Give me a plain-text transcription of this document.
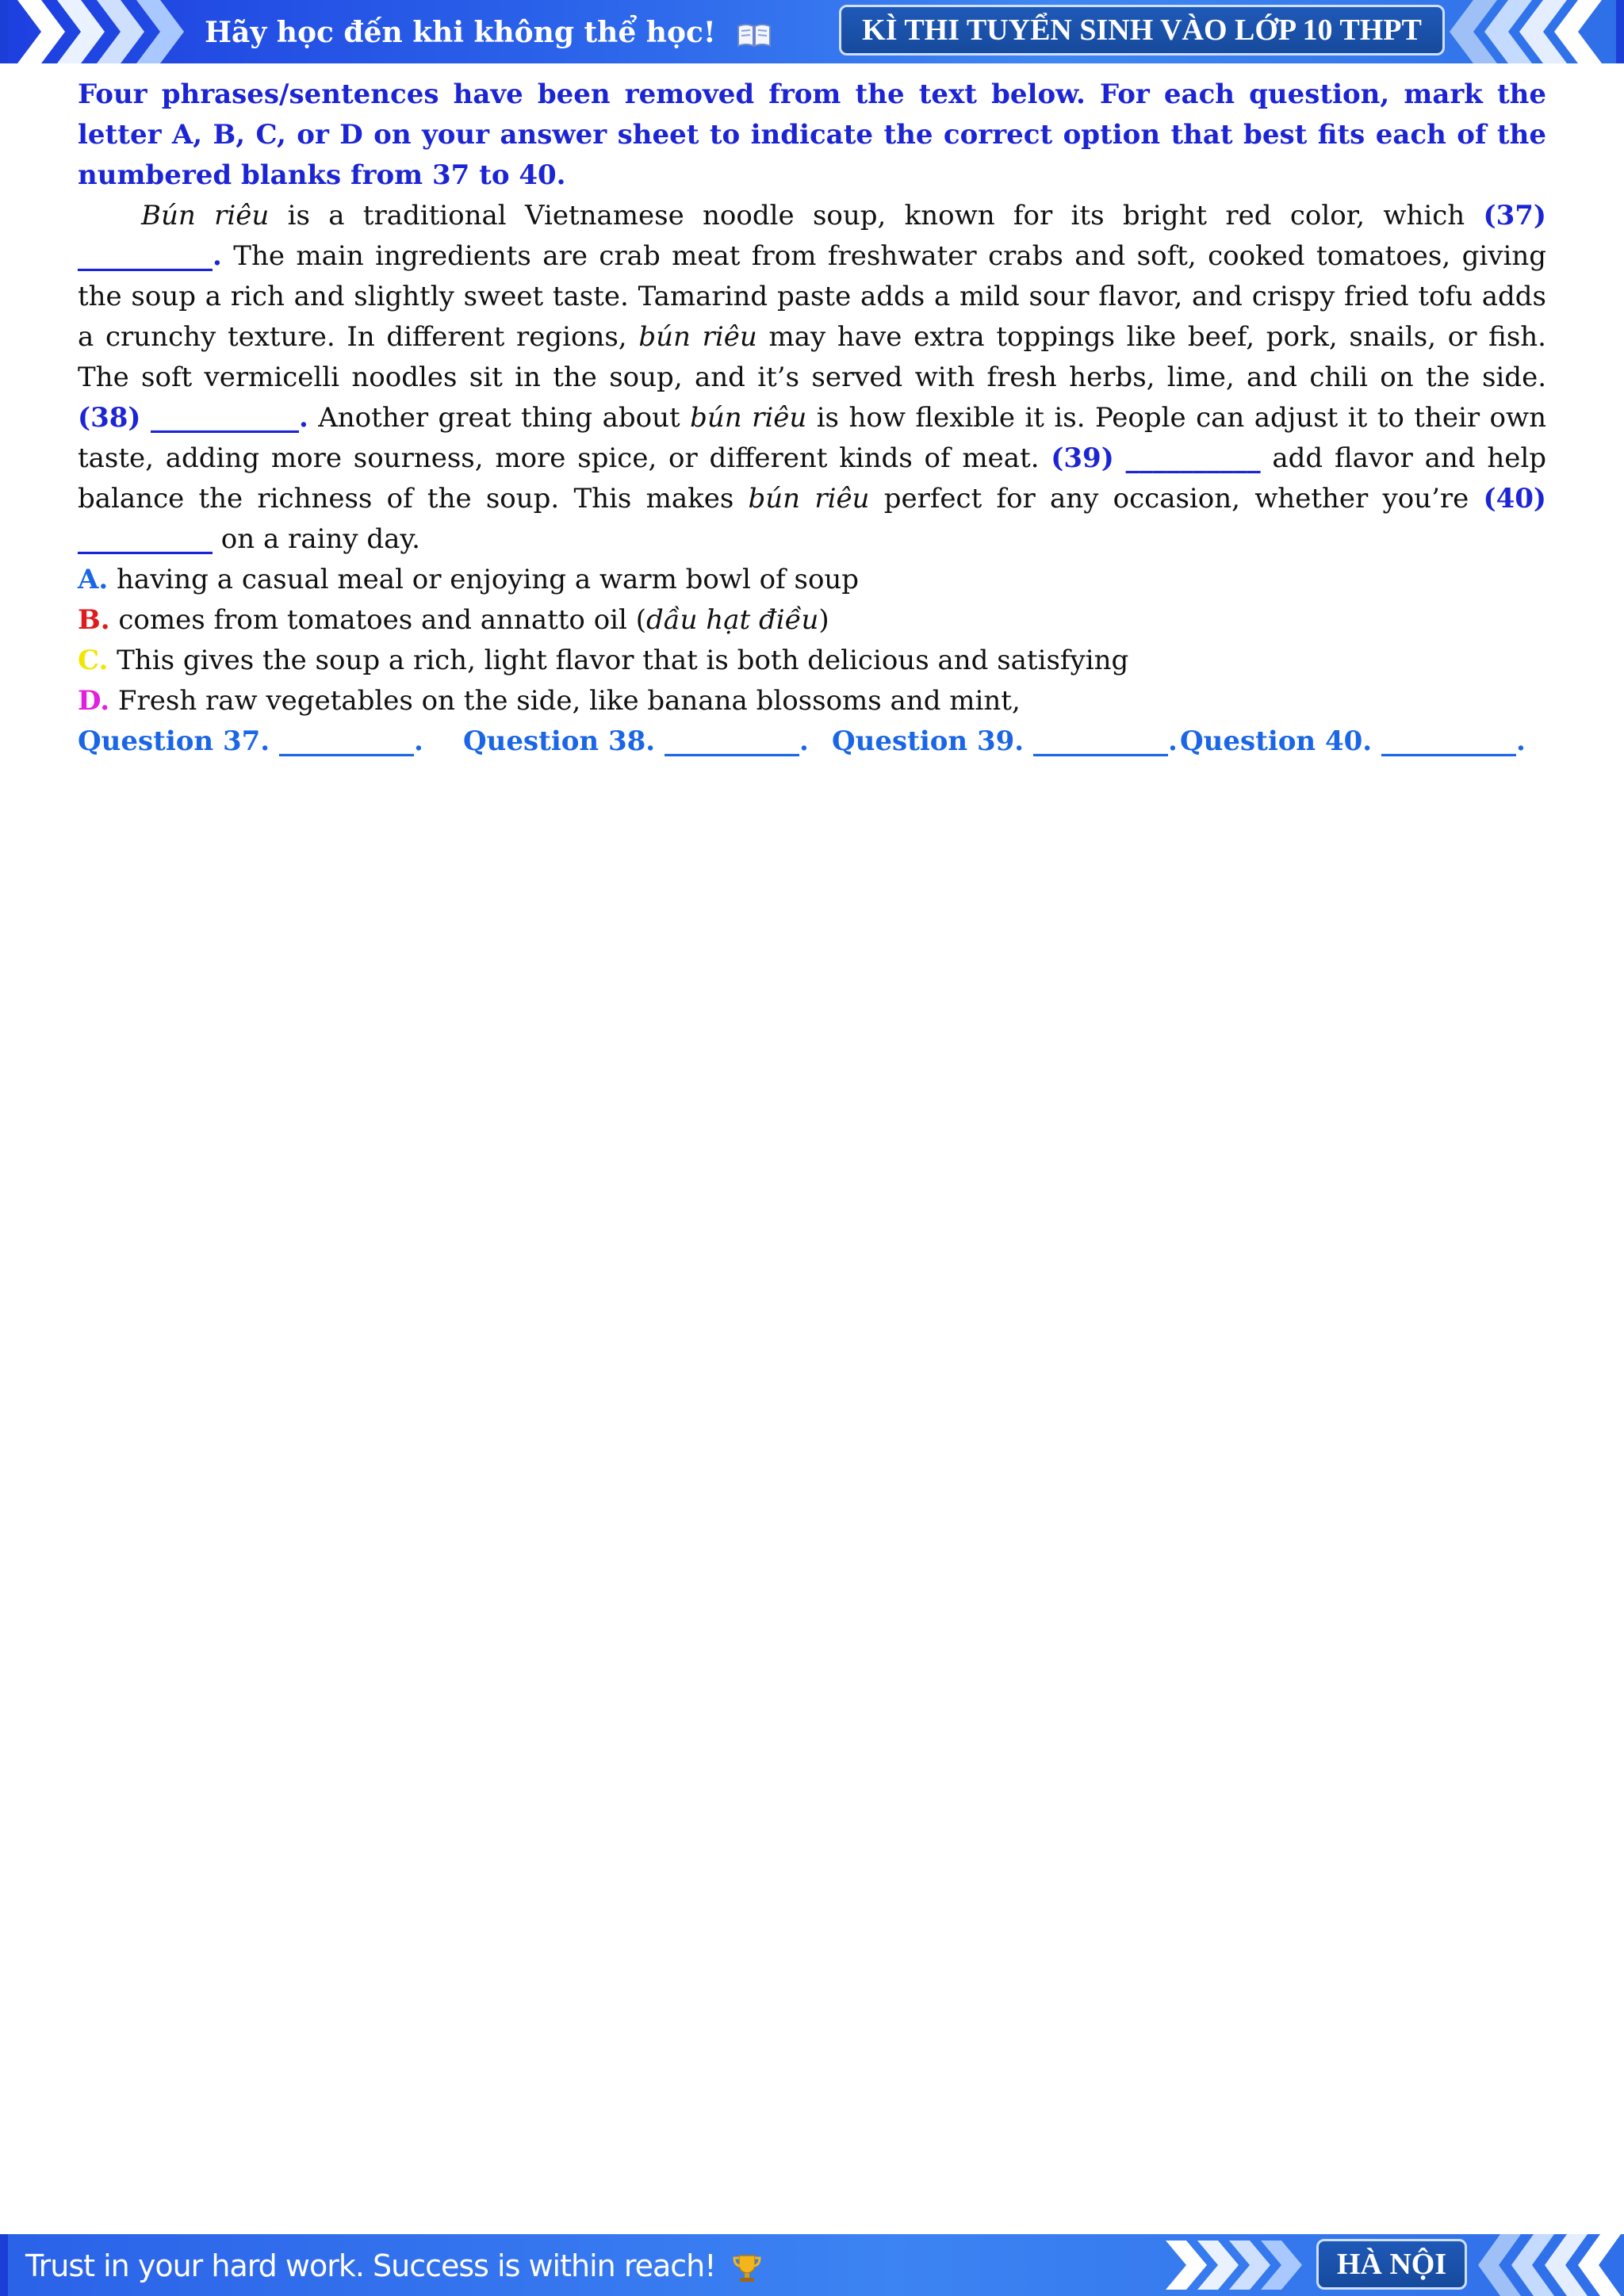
Hãy học đến khi không thể học!	KÌ THI TUYỂN SINH VÀO LỚP 10 THPT
Four phrases/sentences have been removed from the text below. For each question, mark the letter A, B, C, or D on your answer sheet to indicate the correct option that best fits each of the numbered blanks from 37 to 40.

Bún riêu is a traditional Vietnamese noodle soup, known for its bright red color, which (37) __________. The main ingredients are crab meat from freshwater crabs and soft, cooked tomatoes, giving the soup a rich and slightly sweet taste. Tamarind paste adds a mild sour flavor, and crispy fried tofu adds a crunchy texture. In different regions, bún riêu may have extra toppings like beef, pork, snails, or fish. The soft vermicelli noodles sit in the soup, and it’s served with fresh herbs, lime, and chili on the side. (38) ___________. Another great thing about bún riêu is how flexible it is. People can adjust it to their own taste, adding more sourness, more spice, or different kinds of meat. (39) __________ add flavor and help balance the richness of the soup. This makes bún riêu perfect for any occasion, whether you’re (40) __________ on a rainy day.

A. having a casual meal or enjoying a warm bowl of soup

B. comes from tomatoes and annatto oil (dầu hạt điều)

C. This gives the soup a rich, light flavor that is both delicious and satisfying

D. Fresh raw vegetables on the side, like banana blossoms and mint,

Question 37. __________. Question 38. __________. Question 39. __________. Question 40. __________.
Trust in your hard work. Success is within reach!	HÀ NỘI
